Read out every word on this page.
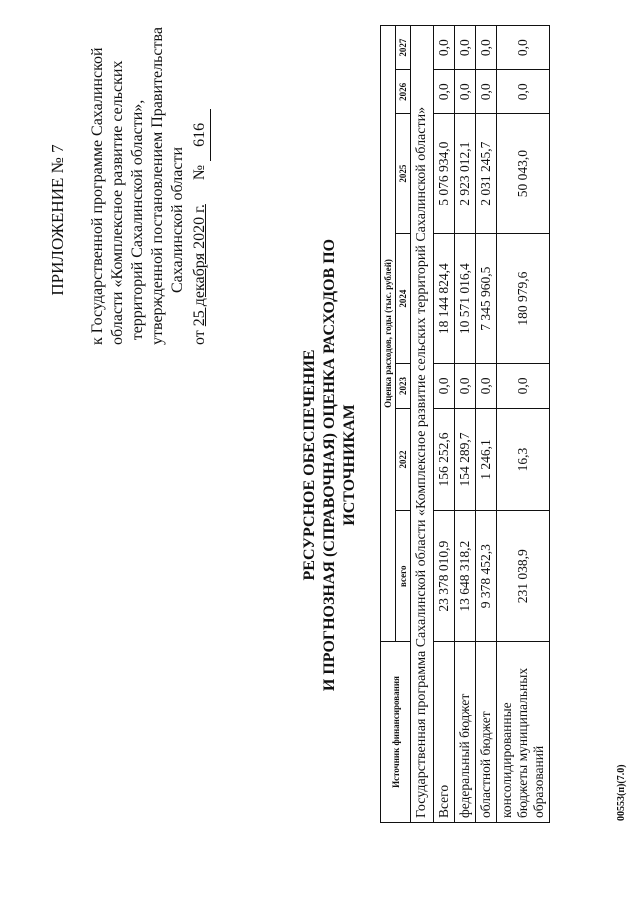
ПРИЛОЖЕНИЕ № 7 к Государственной программе Сахалинской области «Комплексное развитие сельских территорий Сахалинской области», утвержденной постановлением Правительства Сахалинской области
от 25 декабря 2020 г.      № 616
РЕСУРСНОЕ ОБЕСПЕЧЕНИЕ И ПРОГНОЗНАЯ (СПРАВОЧНАЯ) ОЦЕНКА РАСХОДОВ ПО ИСТОЧНИКАМ
Источник финансирования	Оценка расходов, годы (тыс. рублей)						
	всего	2022	2023	2024	2025	2026	2027
Государственная программа Сахалинской области «Комплексное развитие сельских территорий Сахалинской области»							
Всего	23 378 010,9	156 252,6	0,0	18 144 824,4	5 076 934,0	0,0	0,0
федеральный бюджет	13 648 318,2	154 289,7	0,0	10 571 016,4	2 923 012,1	0,0	0,0
областной бюджет	9 378 452,3	1 246,1	0,0	7 345 960,5	2 031 245,7	0,0	0,0
консолидированные бюджеты муниципальных образований	231 038,9	16,3	0,0	180 979,6	50 043,0	0,0	0,0
00553(п)(7.0)
